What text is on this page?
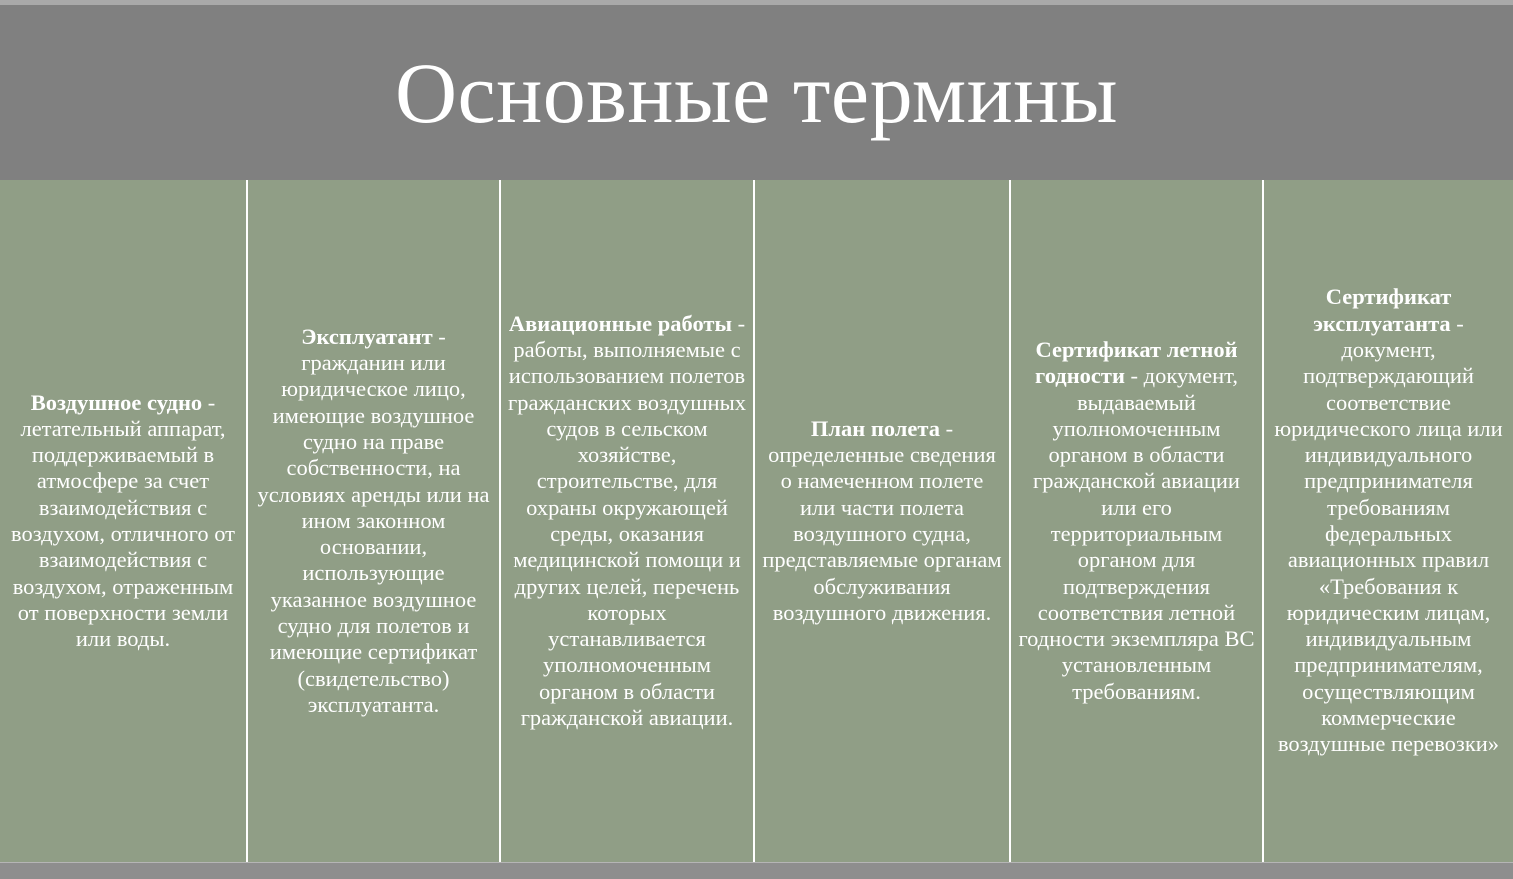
Основные термины

Воздушное судно - летательный аппарат, поддерживаемый в атмосфере за счет взаимодействия с воздухом, отличного от взаимодействия с воздухом, отраженным от поверхности земли или воды.

Эксплуатант - гражданин или юридическое лицо, имеющие воздушное судно на праве собственности, на условиях аренды или на ином законном основании, использующие указанное воздушное судно для полетов и имеющие сертификат (свидетельство) эксплуатанта.

Авиационные работы - работы, выполняемые с использованием полетов гражданских воздушных судов в сельском хозяйстве, строительстве, для охраны окружающей среды, оказания медицинской помощи и других целей, перечень которых устанавливается уполномоченным органом в области гражданской авиации.

План полета - определенные сведения о намеченном полете или части полета воздушного судна, представляемые органам обслуживания воздушного движения.

Сертификат летной годности - документ, выдаваемый уполномоченным органом в области гражданской авиации или его территориальным органом для подтверждения соответствия летной годности экземпляра ВС установленным требованиям.

Сертификат эксплуатанта - документ, подтверждающий соответствие юридического лица или индивидуального предпринимателя требованиям федеральных авиационных правил «Требования к юридическим лицам, индивидуальным предпринимателям, осуществляющим коммерческие воздушные перевозки»
